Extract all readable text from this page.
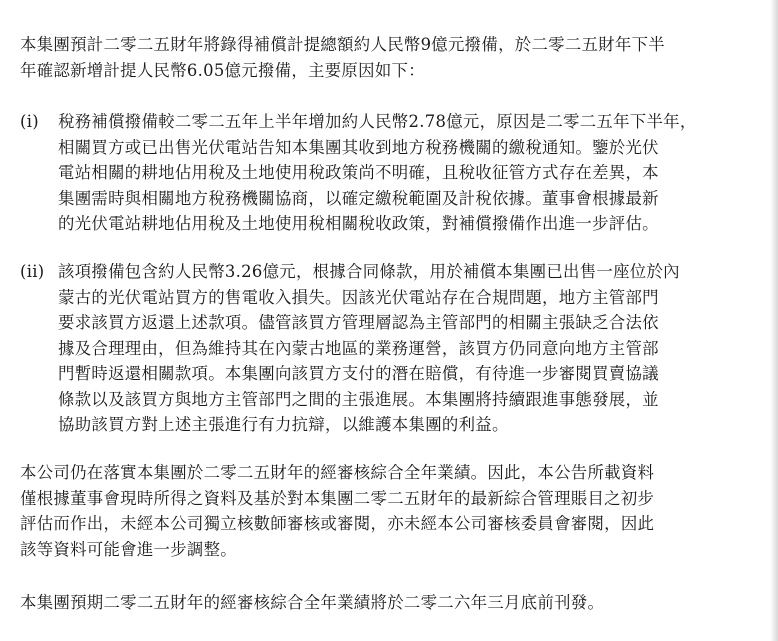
本集團預計二零二五財年將錄得補償計提總額約人民幣9億元撥備，於二零二五財年下半
年確認新增計提人民幣6.05億元撥備，主要原因如下：
(i)	稅務補償撥備較二零二五年上半年增加約人民幣2.78億元，原因是二零二五年下半年，
相關買方或已出售光伏電站告知本集團其收到地方稅務機關的繳稅通知。鑒於光伏
電站相關的耕地佔用稅及土地使用稅政策尚不明確，且稅收征管方式存在差異，本
集團需時與相關地方稅務機關協商，以確定繳稅範圍及計稅依據。董事會根據最新
的光伏電站耕地佔用稅及土地使用稅相關稅收政策，對補償撥備作出進一步評估。
(ii) 該項撥備包含約人民幣3.26億元，根據合同條款，用於補償本集團已出售一座位於內
蒙古的光伏電站買方的售電收入損失。因該光伏電站存在合規問題，地方主管部門
要求該買方返還上述款項。儘管該買方管理層認為主管部門的相關主張缺乏合法依
據及合理理由，但為維持其在內蒙古地區的業務運營，該買方仍同意向地方主管部
門暫時返還相關款項。本集團向該買方支付的潛在賠償，有待進一步審閱買賣協議
條款以及該買方與地方主管部門之間的主張進展。本集團將持續跟進事態發展，並
協助該買方對上述主張進行有力抗辯，以維護本集團的利益。
本公司仍在落實本集團於二零二五財年的經審核綜合全年業績。因此，本公告所載資料
僅根據董事會現時所得之資料及基於對本集團二零二五財年的最新綜合管理賬目之初步
評估而作出，未經本公司獨立核數師審核或審閱，亦未經本公司審核委員會審閱，因此
該等資料可能會進一步調整。
本集團預期二零二五財年的經審核綜合全年業績將於二零二六年三月底前刊發。
